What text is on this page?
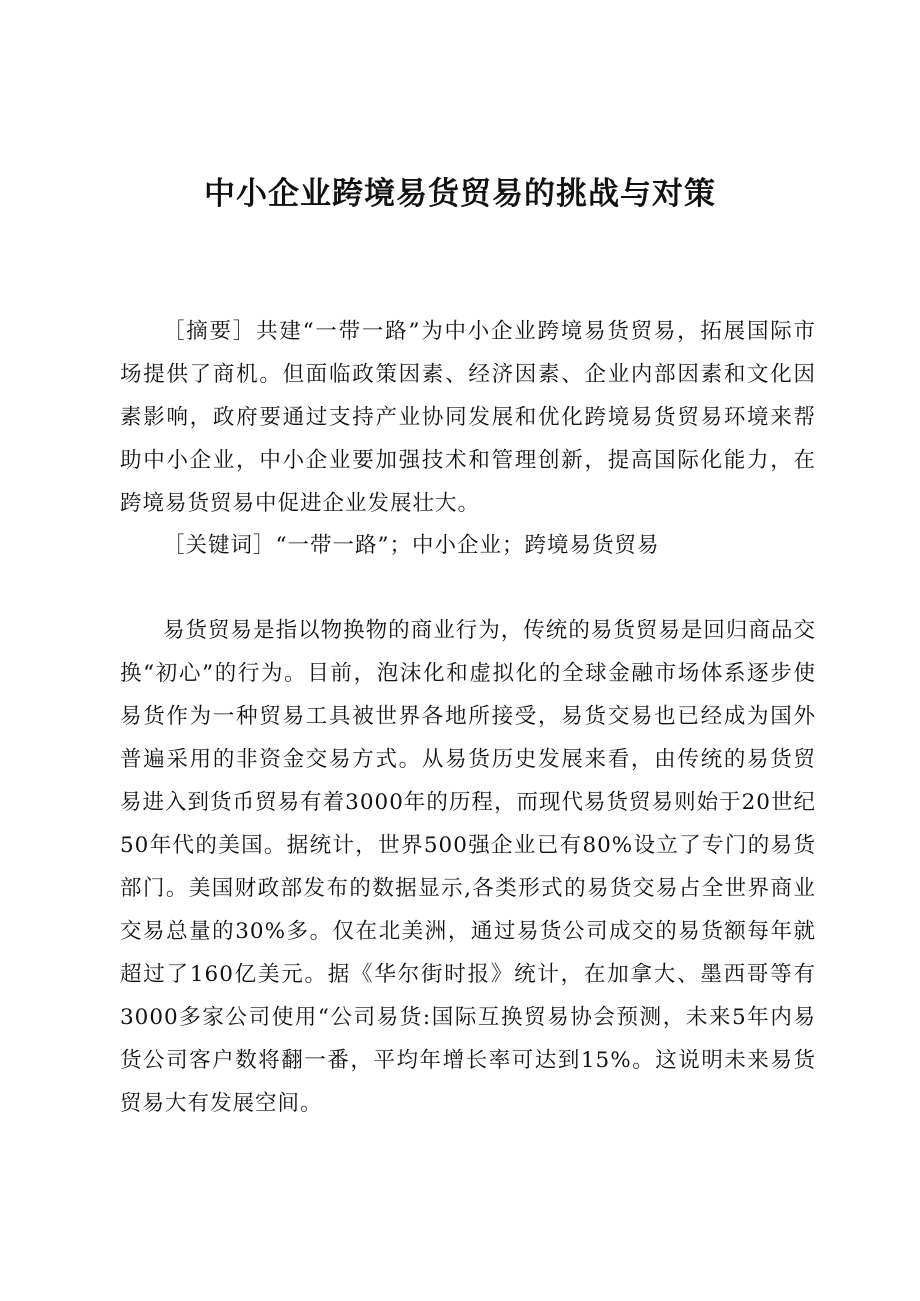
中小企业跨境易货贸易的挑战与对策

［摘要］共建“一带一路”为中小企业跨境易货贸易，拓展国际市场提供了商机。但面临政策因素、经济因素、企业内部因素和文化因素影响，政府要通过支持产业协同发展和优化跨境易货贸易环境来帮助中小企业，中小企业要加强技术和管理创新，提高国际化能力，在跨境易货贸易中促进企业发展壮大。

［关键词］“一带一路”；中小企业；跨境易货贸易

易货贸易是指以物换物的商业行为，传统的易货贸易是回归商品交换“初心”的行为。目前，泡沫化和虚拟化的全球金融市场体系逐步使易货作为一种贸易工具被世界各地所接受，易货交易也已经成为国外普遍采用的非资金交易方式。从易货历史发展来看，由传统的易货贸易进入到货币贸易有着3000年的历程，而现代易货贸易则始于20世纪50年代的美国。据统计，世界500强企业已有80%设立了专门的易货部门。美国财政部发布的数据显示,各类形式的易货交易占全世界商业交易总量的30%多。仅在北美洲，通过易货公司成交的易货额每年就超过了160亿美元。据《华尔街时报》统计，在加拿大、墨西哥等有3000多家公司使用“公司易货:国际互换贸易协会预测，未来5年内易货公司客户数将翻一番，平均年增长率可达到15%。这说明未来易货贸易大有发展空间。
